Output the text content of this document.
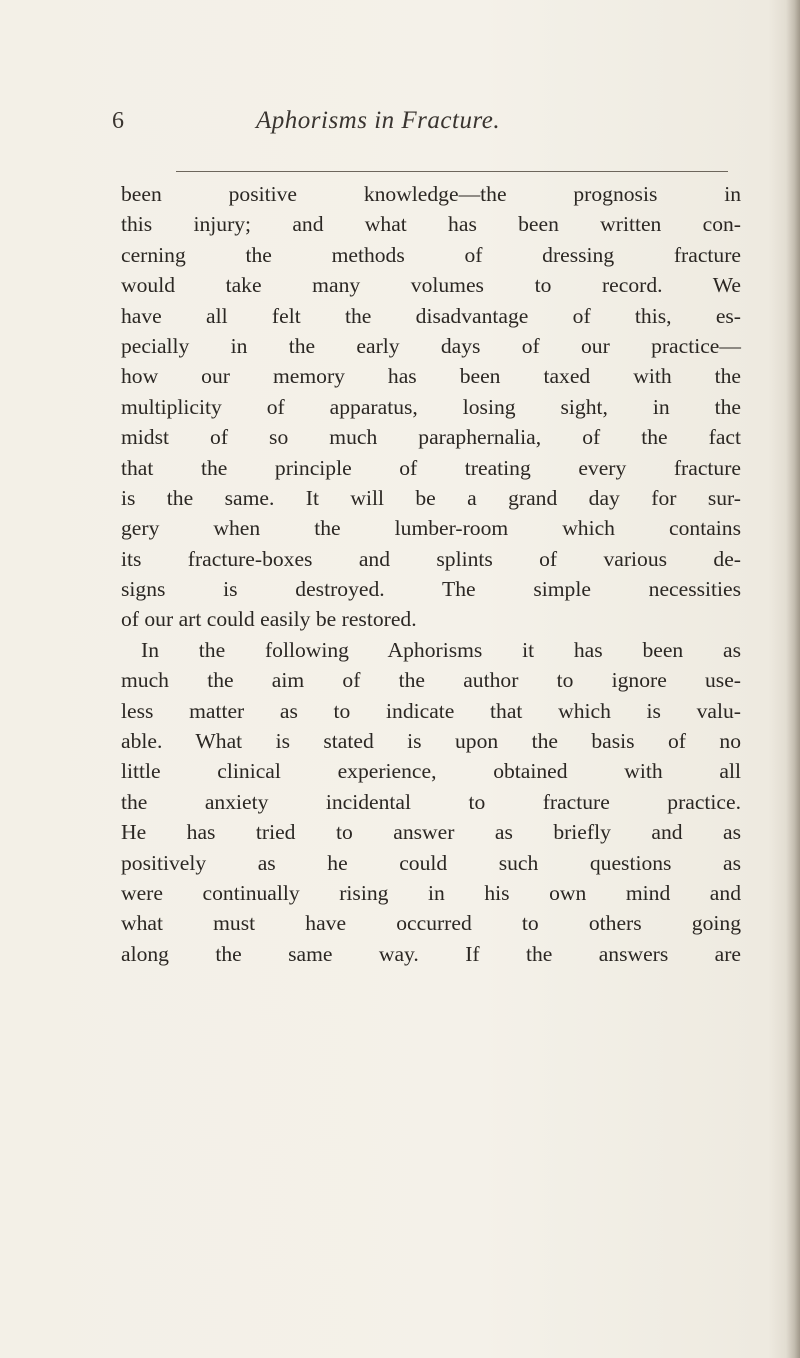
6	Aphorisms in Fracture.
been positive knowledge—the prognosis in
this injury; and what has been written con-
cerning the methods of dressing fracture
would take many volumes to record. We
have all felt the disadvantage of this, es-
pecially in the early days of our practice—
how our memory has been taxed with the
multiplicity of apparatus, losing sight, in the
midst of so much paraphernalia, of the fact
that the principle of treating every fracture
is the same. It will be a grand day for sur-
gery when the lumber-room which contains
its fracture-boxes and splints of various de-
signs is destroyed. The simple necessities
of our art could easily be restored.
In the following Aphorisms it has been as
much the aim of the author to ignore use-
less matter as to indicate that which is valu-
able. What is stated is upon the basis of no
little clinical experience, obtained with all
the anxiety incidental to fracture practice.
He has tried to answer as briefly and as
positively as he could such questions as
were continually rising in his own mind and
what must have occurred to others going
along the same way. If the answers are
